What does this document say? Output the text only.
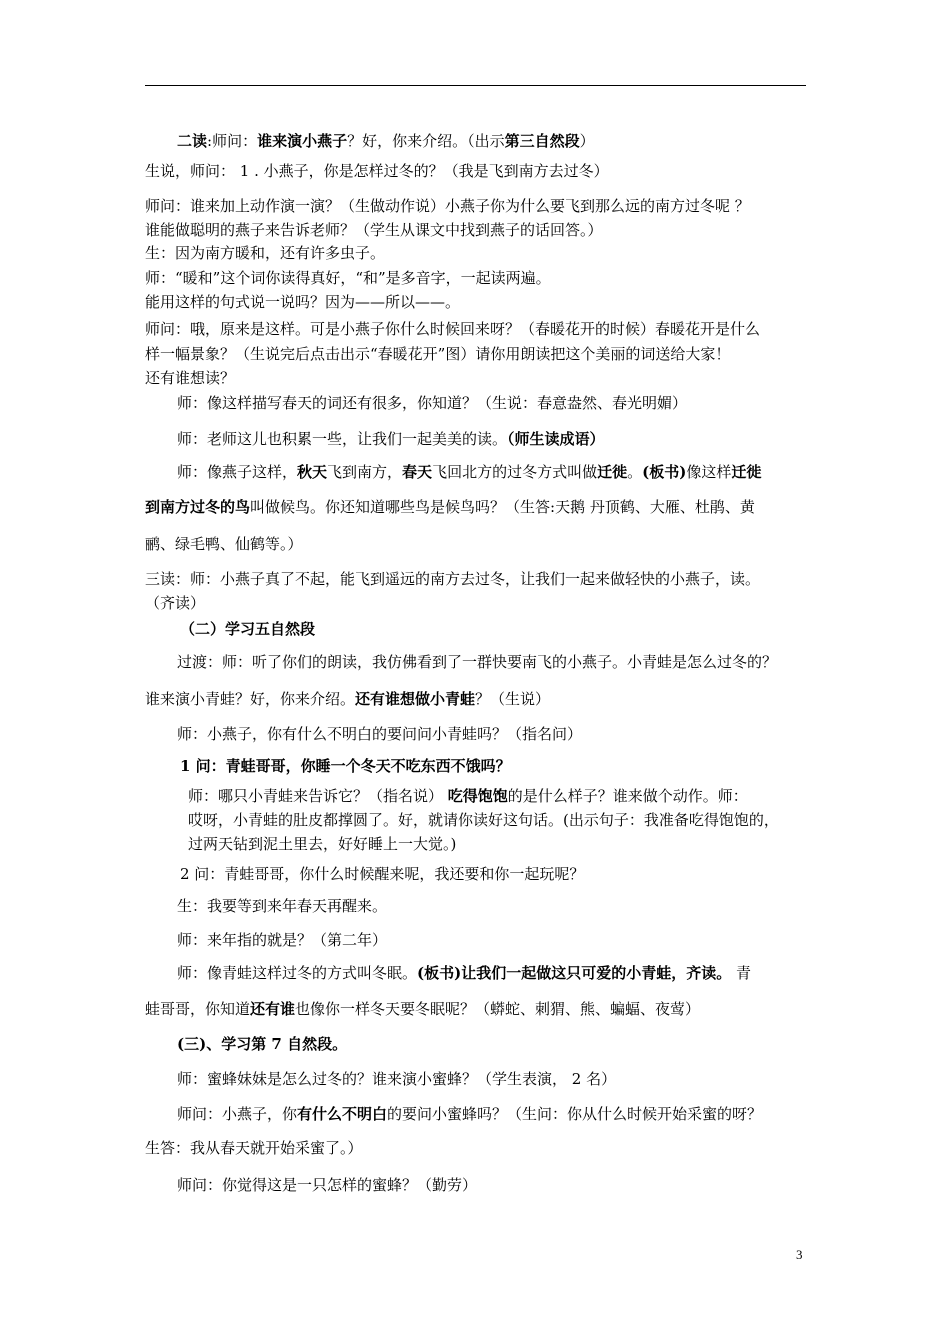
二读:师问：谁来演小燕子？好，你来介绍。（出示第三自然段）
生说，师问： 1 . 小燕子，你是怎样过冬的？（我是飞到南方去过冬）
师问：谁来加上动作演一演？（生做动作说）小燕子你为什么要飞到那么远的南方过冬呢 ？
谁能做聪明的燕子来告诉老师？（学生从课文中找到燕子的话回答。）
生：因为南方暖和，还有许多虫子。
师：“暖和”这个词你读得真好，“和”是多音字，一起读两遍。
能用这样的句式说一说吗？因为——所以——。
师问：哦，原来是这样。可是小燕子你什么时候回来呀？（春暖花开的时候）春暖花开是什么
样一幅景象？（生说完后点击出示“春暖花开”图）请你用朗读把这个美丽的词送给大家！
还有谁想读？
师：像这样描写春天的词还有很多，你知道？（生说：春意盎然、春光明媚）
师：老师这儿也积累一些，让我们一起美美的读。（师生读成语）
师：像燕子这样，秋天飞到南方，春天飞回北方的过冬方式叫做迁徙。(板书)像这样迁徙
到南方过冬的鸟叫做候鸟。你还知道哪些鸟是候鸟吗？（生答:天鹅 丹顶鹤、大雁、杜鹃、黄
鹂、绿毛鸭、仙鹤等。）
三读：师：小燕子真了不起，能飞到遥远的南方去过冬，让我们一起来做轻快的小燕子，读。
（齐读）
（二）学习五自然段
过渡：师：听了你们的朗读，我仿佛看到了一群快要南飞的小燕子。小青蛙是怎么过冬的？
谁来演小青蛙？好，你来介绍。还有谁想做小青蛙？（生说）
师：小燕子，你有什么不明白的要问问小青蛙吗？（指名问）
1 问：青蛙哥哥，你睡一个冬天不吃东西不饿吗？
师：哪只小青蛙来告诉它？（指名说） 吃得饱饱的是什么样子？谁来做个动作。师：
哎呀，小青蛙的肚皮都撑圆了。好，就请你读好这句话。(出示句子：我准备吃得饱饱的，
过两天钻到泥土里去，好好睡上一大觉。)
2 问：青蛙哥哥，你什么时候醒来呢，我还要和你一起玩呢？
生：我要等到来年春天再醒来。
师：来年指的就是？（第二年）
师：像青蛙这样过冬的方式叫冬眠。(板书)让我们一起做这只可爱的小青蛙，齐读。 青
蛙哥哥，你知道还有谁也像你一样冬天要冬眠呢？（蟒蛇、刺猬、熊、蝙蝠、夜莺）
(三)、学习第 7 自然段。
师：蜜蜂妹妹是怎么过冬的？谁来演小蜜蜂？（学生表演， 2 名）
师问：小燕子，你有什么不明白的要问小蜜蜂吗？（生问：你从什么时候开始采蜜的呀？
生答：我从春天就开始采蜜了。）
师问：你觉得这是一只怎样的蜜蜂？（勤劳）
3
